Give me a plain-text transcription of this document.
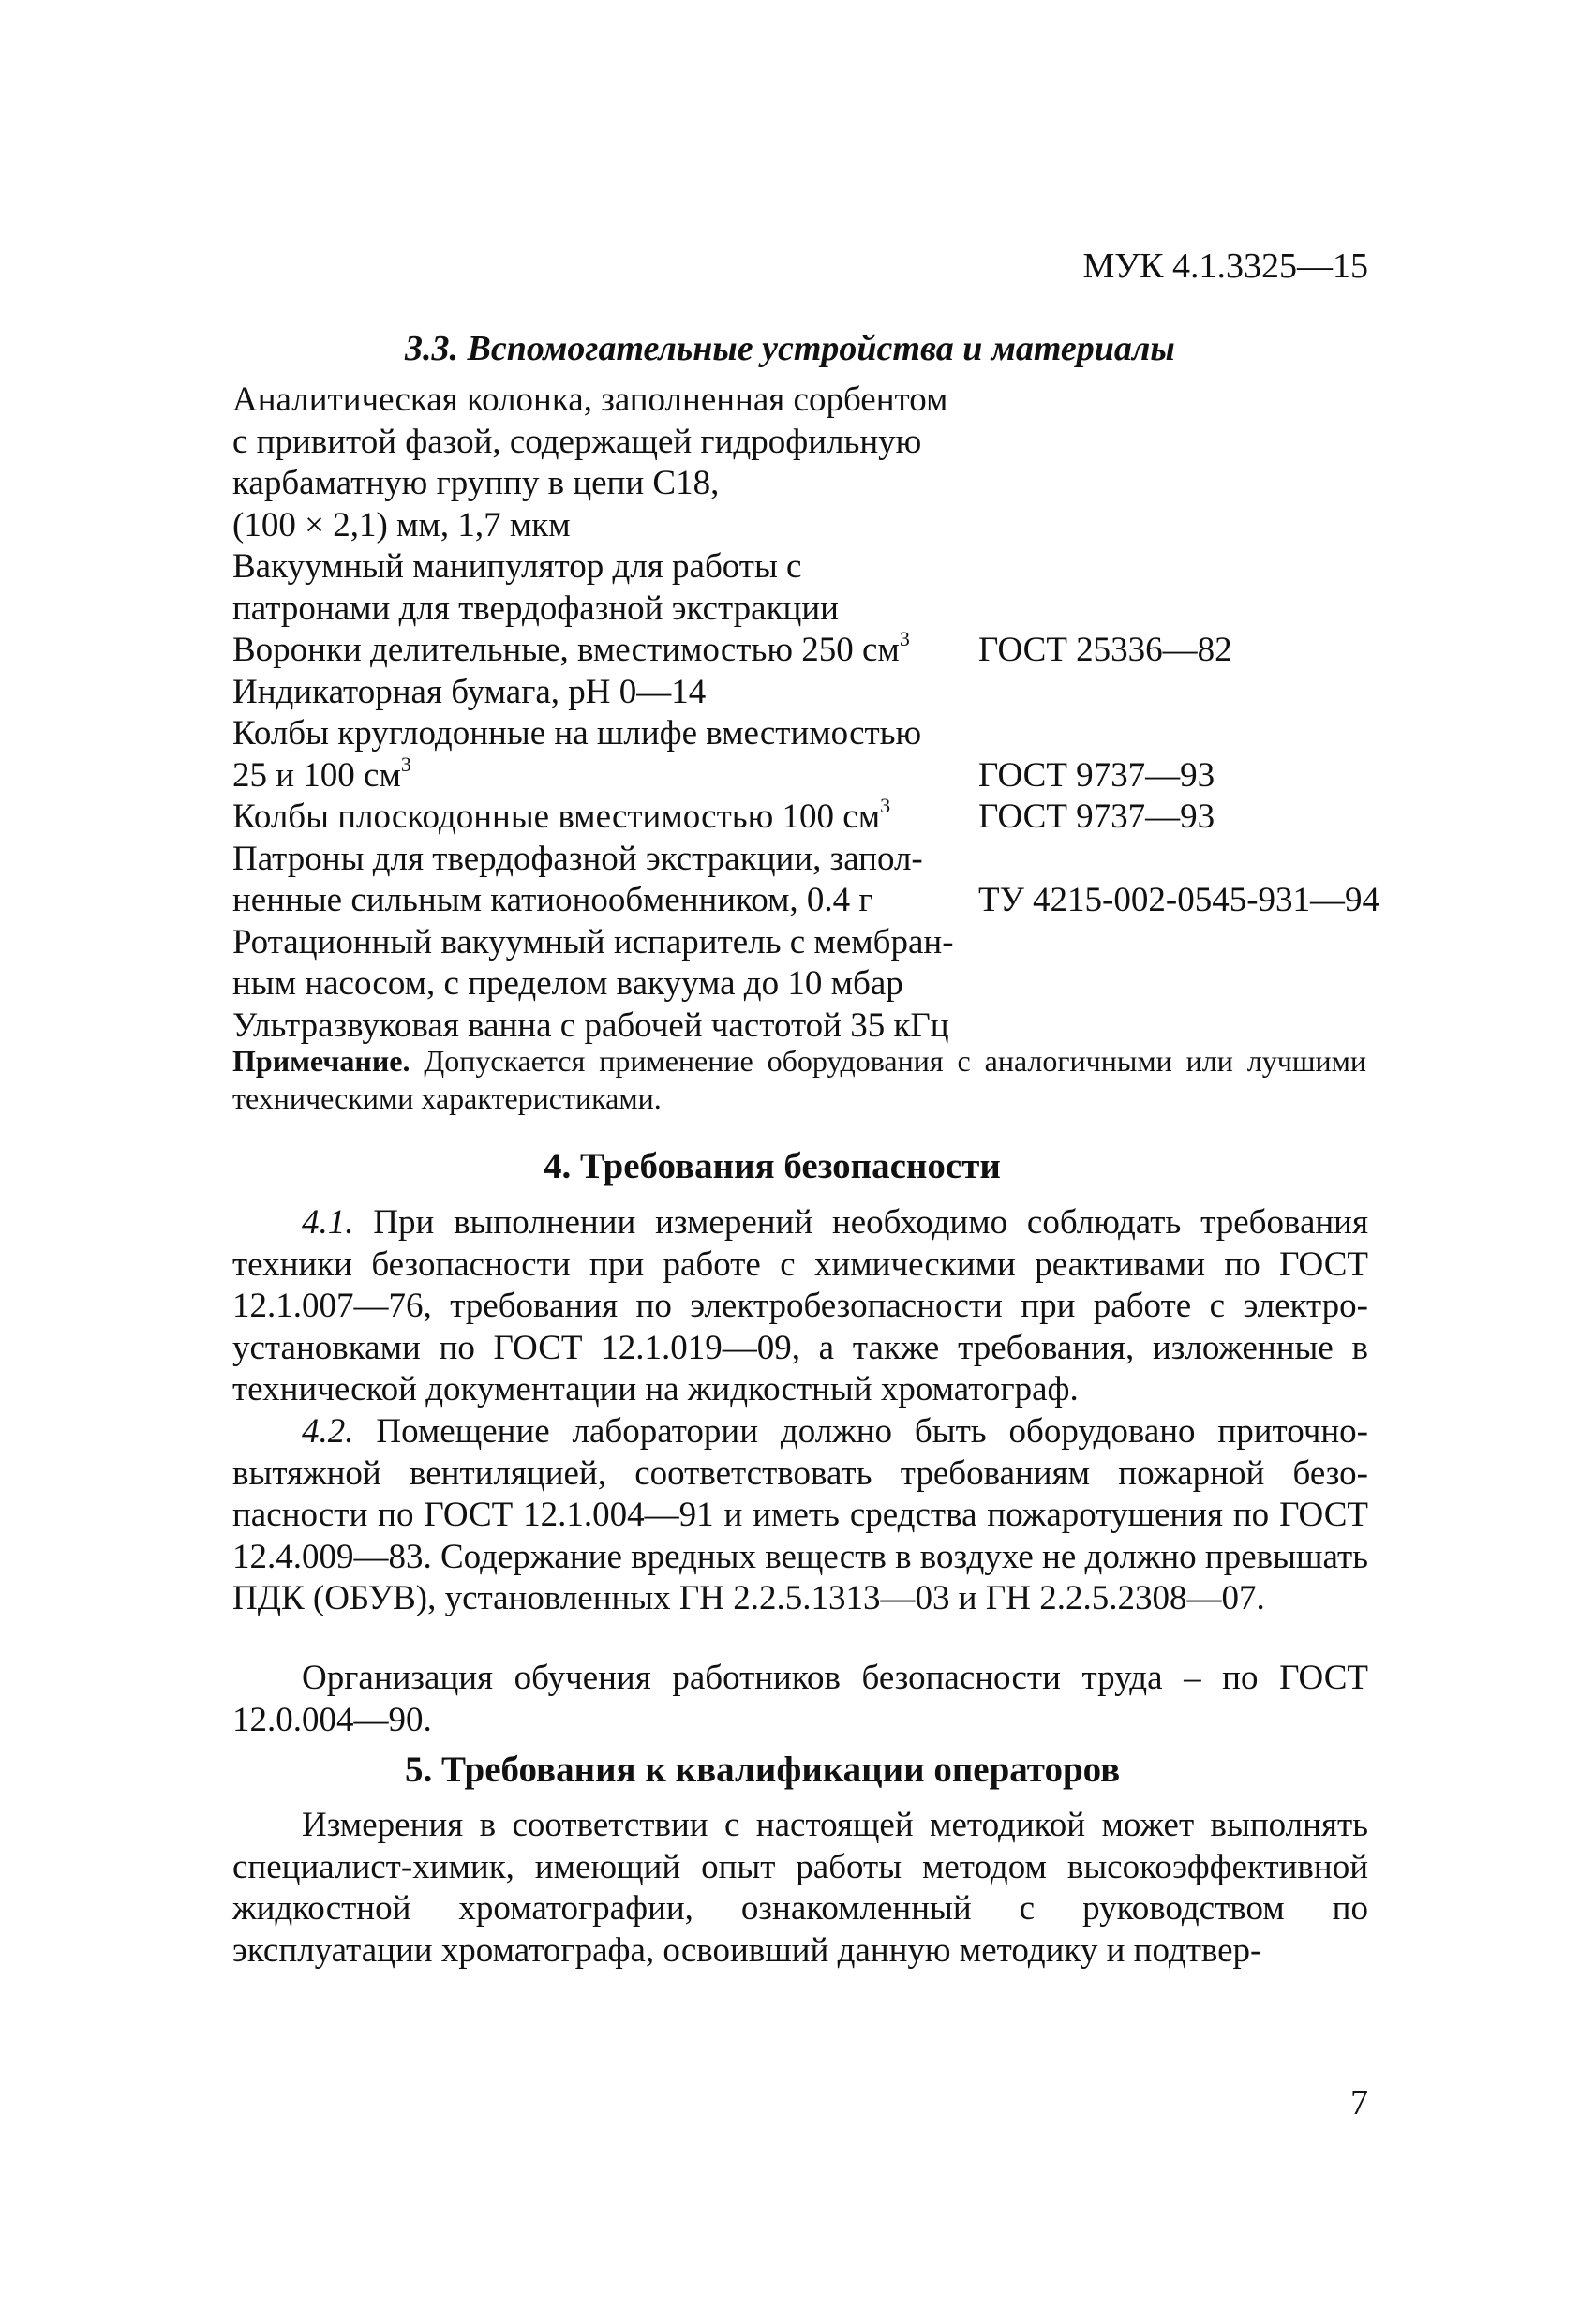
МУК 4.1.3325—15
3.3. Вспомогательные устройства и материалы
Аналитическая колонка, заполненная сорбентом
с привитой фазой, содержащей гидрофильную
карбаматную группу в цепи С18,
(100 × 2,1) мм, 1,7 мкм
Вакуумный манипулятор для работы с
патронами для твердофазной экстракции
Воронки делительные, вместимостью 250 $см^3$ ГОСТ 25336—82
Индикаторная бумага, рН 0—14
Колбы круглодонные на шлифе вместимостью
25 и 100 $см^3$	ГОСТ 9737—93
Колбы плоскодонные вместимостью 100 $см^3$	ГОСТ 9737—93
Патроны для твердофазной экстракции, запол-
ненные сильным катионообменником, 0.4 г	ТУ 4215-002-0545-931—94
Ротационный вакуумный испаритель с мембран-
ным насосом, с пределом вакуума до 10 мбар
Ультразвуковая ванна с рабочей частотой 35 кГц
Примечание. Допускается применение оборудования с аналогичными или лучшими техническими характеристиками.
4. Требования безопасности
4.1. При выполнении измерений необходимо соблюдать требования техники безопасности при работе с химическими реактивами по ГОСТ 12.1.007—76, требования по электробезопасности при работе с электроустановками по ГОСТ 12.1.019—09, а также требования, изложенные в технической документации на жидкостный хроматограф.
4.2. Помещение лаборатории должно быть оборудовано приточно-вытяжной вентиляцией, соответствовать требованиям пожарной безопасности по ГОСТ 12.1.004—91 и иметь средства пожаротушения по ГОСТ 12.4.009—83. Содержание вредных веществ в воздухе не должно превышать ПДК (ОБУВ), установленных ГН 2.2.5.1313—03 и ГН 2.2.5.2308—07.
Организация обучения работников безопасности труда – по ГОСТ 12.0.004—90.
5. Требования к квалификации операторов
Измерения в соответствии с настоящей методикой может выполнять специалист-химик, имеющий опыт работы методом высокоэффективной жидкостной хроматографии, ознакомленный с руководством по эксплуатации хроматографа, освоивший данную методику и подтвер-
7
